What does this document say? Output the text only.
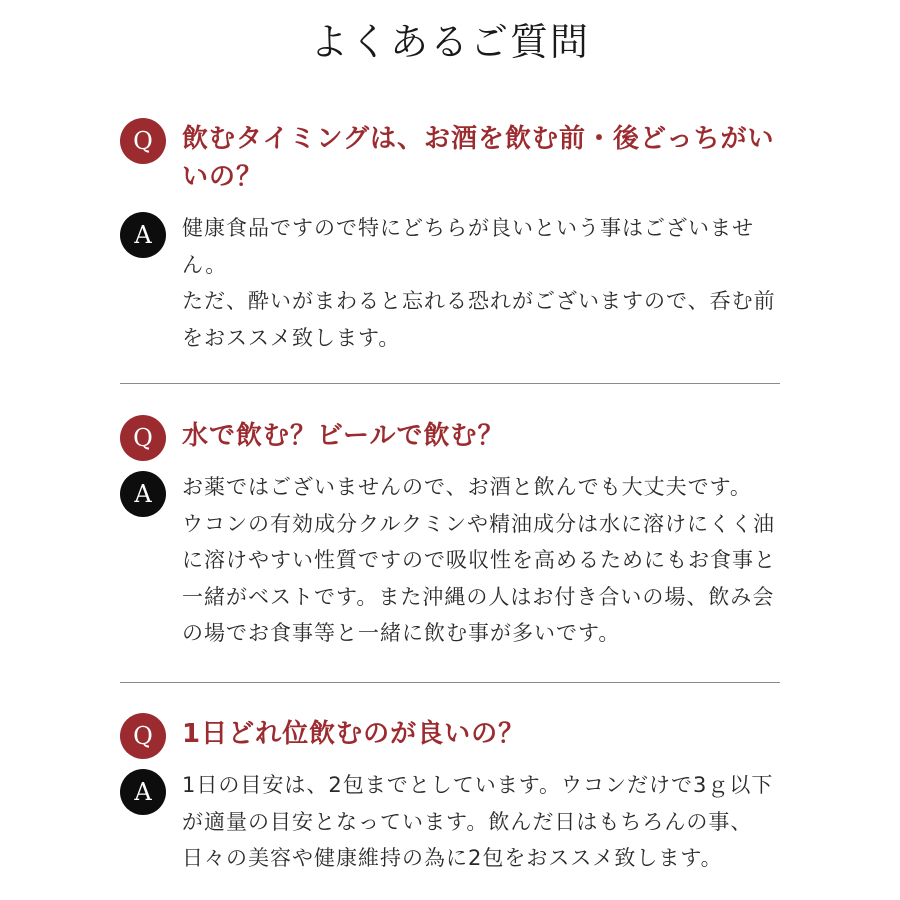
よくあるご質問
Q	飲むタイミングは、お酒を飲む前・後どっちがいいの？
A	健康食品ですので特にどちらが良いという事はございません。

ただ、酔いがまわると忘れる恐れがございますので、呑む前をおススメ致します。

Q	水で飲む？ビールで飲む？
A	お薬ではございませんので、お酒と飲んでも大丈夫です。

ウコンの有効成分クルクミンや精油成分は水に溶けにくく油に溶けやすい性質ですので吸収性を高めるためにもお食事と一緒がベストです。また沖縄の人はお付き合いの場、飲み会の場でお食事等と一緒に飲む事が多いです。

Q	1日どれ位飲むのが良いの？
A	1日の目安は、2包までとしています。ウコンだけで3ｇ以下が適量の目安となっています。飲んだ日はもちろんの事、日々の美容や健康維持の為に2包をおススメ致します。
